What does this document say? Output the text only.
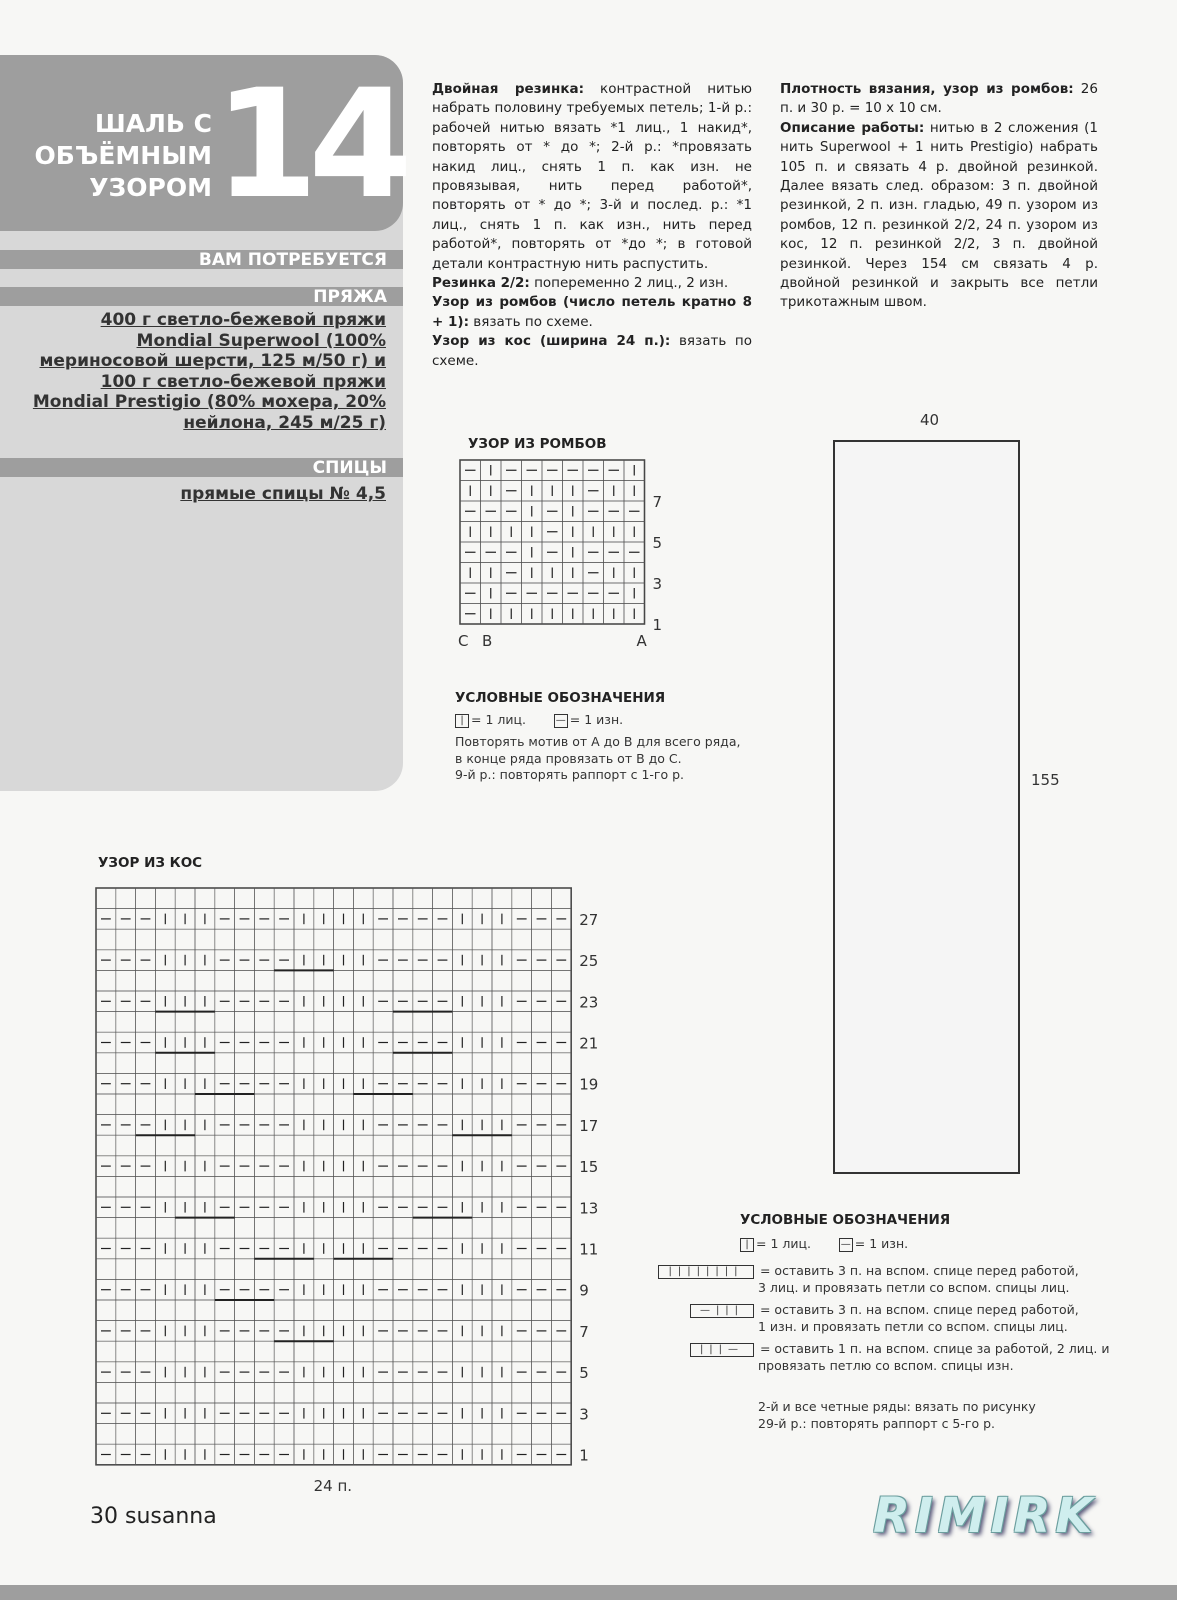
ШАЛЬ С
ОБЪЁМНЫМ
УЗОРОМ 14
ВАМ ПОТРЕБУЕТСЯ
ПРЯЖА
400 г светло-бежевой пряжи Mondial Superwool (100% мериносовой шерсти, 125 м/50 г) и 100 г светло-бежевой пряжи Mondial Prestigio (80% мохера, 20% нейлона, 245 м/25 г)
СПИЦЫ
прямые спицы № 4,5

Двойная резинка: контрастной нитью набрать половину требуемых петель; 1-й р.: рабочей нитью вязать *1 лиц., 1 накид*, повторять от * до *; 2-й р.: *провязать накид лиц., снять 1 п. как изн. не провязывая, нить перед работой*, повторять от * до *; 3-й и послед. р.: *1 лиц., снять 1 п. как изн., нить перед работой*, повторять от *до *; в готовой детали контрастную нить распустить.

Резинка 2/2: попеременно 2 лиц., 2 изн.

Узор из ромбов (число петель кратно 8 + 1): вязать по схеме.

Узор из кос (ширина 24 п.): вязать по схеме.

Плотность вязания, узор из ромбов: 26 п. и 30 р. = 10 х 10 см.

Описание работы: нитью в 2 сложения (1 нить Superwool + 1 нить Prestigio) набрать 105 п. и связать 4 р. двойной резинкой. Далее вязать след. образом: 3 п. двойной резинкой, 2 п. изн. гладью, 49 п. узором из ромбов, 12 п. резинкой 2/2, 24 п. узором из кос, 12 п. резинкой 2/2, 3 п. двойной резинкой. Через 154 см связать 4 р. двойной резинкой и закрыть все петли трикотажным швом.

УЗОР ИЗ РОМБОВ
7
5
3
1
C B	A
УСЛОВНЫЕ ОБОЗНАЧЕНИЯ
| = 1 лиц.	— = 1 изн.
Повторять мотив от A до B для всего ряда,
в конце ряда провязать от B до C.
9-й р.: повторять раппорт с 1-го р.
40
155
УЗОР ИЗ КОС
27
25
23
21
19
17
15
13
11
9
7
5
3
1
24 п.
УСЛОВНЫЕ ОБОЗНАЧЕНИЯ
| = 1 лиц.	— = 1 изн.
|||||||| = оставить 3 п. на вспом. спице перед работой,
3 лиц. и провязать петли со вспом. спицы лиц.
—||| = оставить 3 п. на вспом. спице перед работой,
1 изн. и провязать петли со вспом. спицы лиц.
|||— = оставить 1 п. на вспом. спице за работой, 2 лиц. и
провязать петлю со вспом. спицы изн.
2-й и все четные ряды: вязать по рисунку
29-й р.: повторять раппорт с 5-го р.
30 susanna	RIMIRK
